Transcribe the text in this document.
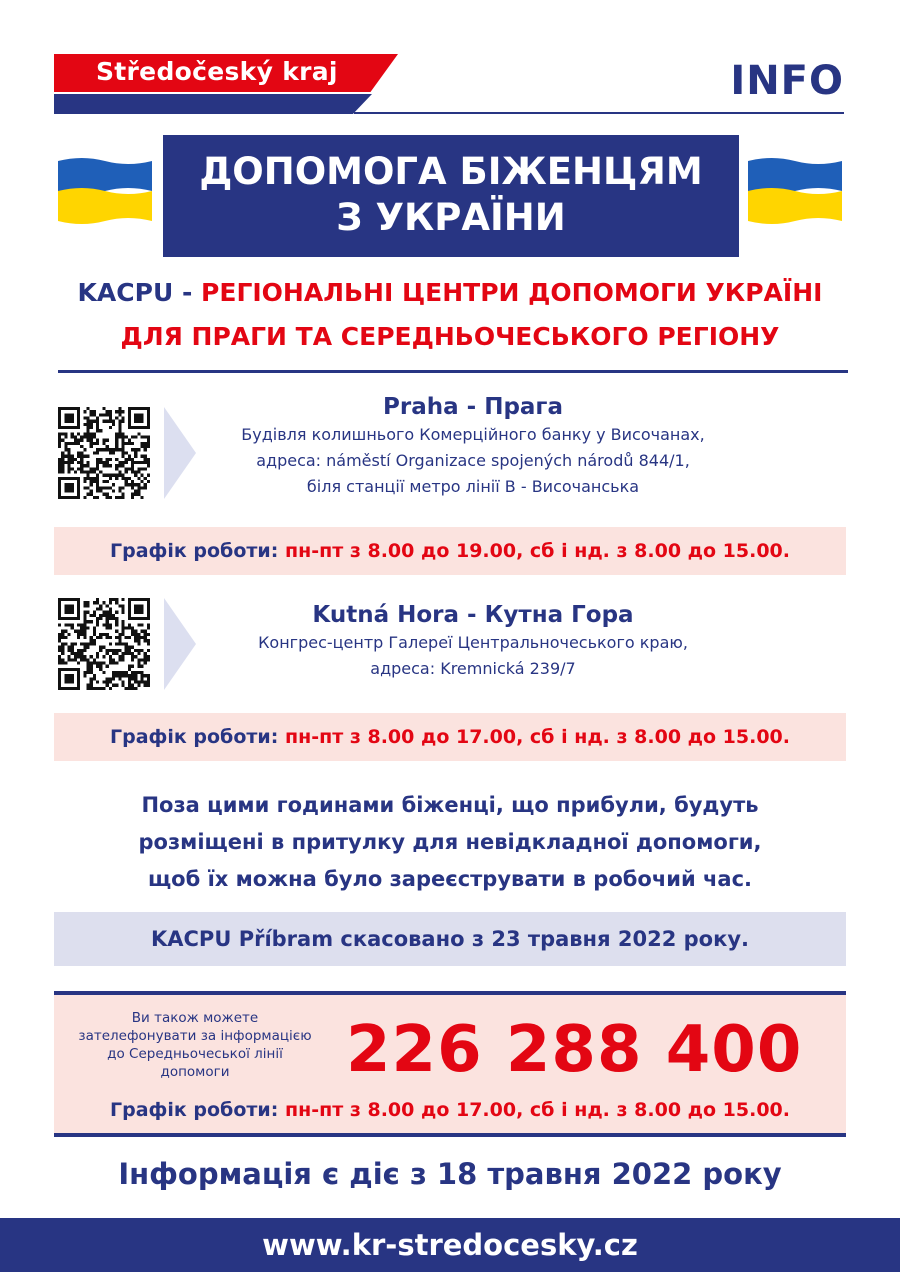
Středočeský kraj	INFO
ДОПОМОГА БІЖЕНЦЯМ
З УКРАЇНИ
KACPU - РЕГІОНАЛЬНІ ЦЕНТРИ ДОПОМОГИ УКРАЇНІ
ДЛЯ ПРАГИ ТА СЕРЕДНЬОЧЕСЬКОГО РЕГІОНУ
Praha - Прага
Будівля колишнього Комерційного банку у Височанах,
адреса: náměstí Organizace spojených národů 844/1,
біля станції метро лінії B - Височанська
Графік роботи: пн-пт з 8.00 до 19.00, сб і нд. з 8.00 до 15.00.
Kutná Hora - Кутна Гора
Конгрес-центр Галереї Центральночеського краю,
адреса: Kremnická 239/7
Графік роботи: пн-пт з 8.00 до 17.00, сб і нд. з 8.00 до 15.00.
Поза цими годинами біженці, що прибули, будуть
розміщені в притулку для невідкладної допомоги,
щоб їх можна було зареєструвати в робочий час.
KACPU Příbram скасовано з 23 травня 2022 року.
Ви також можете
зателефонувати за інформацією
до Середньочеської лінії
допомоги	226 288 400
Графік роботи: пн-пт з 8.00 до 17.00, сб і нд. з 8.00 до 15.00.
Інформація є діє з 18 травня 2022 року
www.kr-stredocesky.cz
